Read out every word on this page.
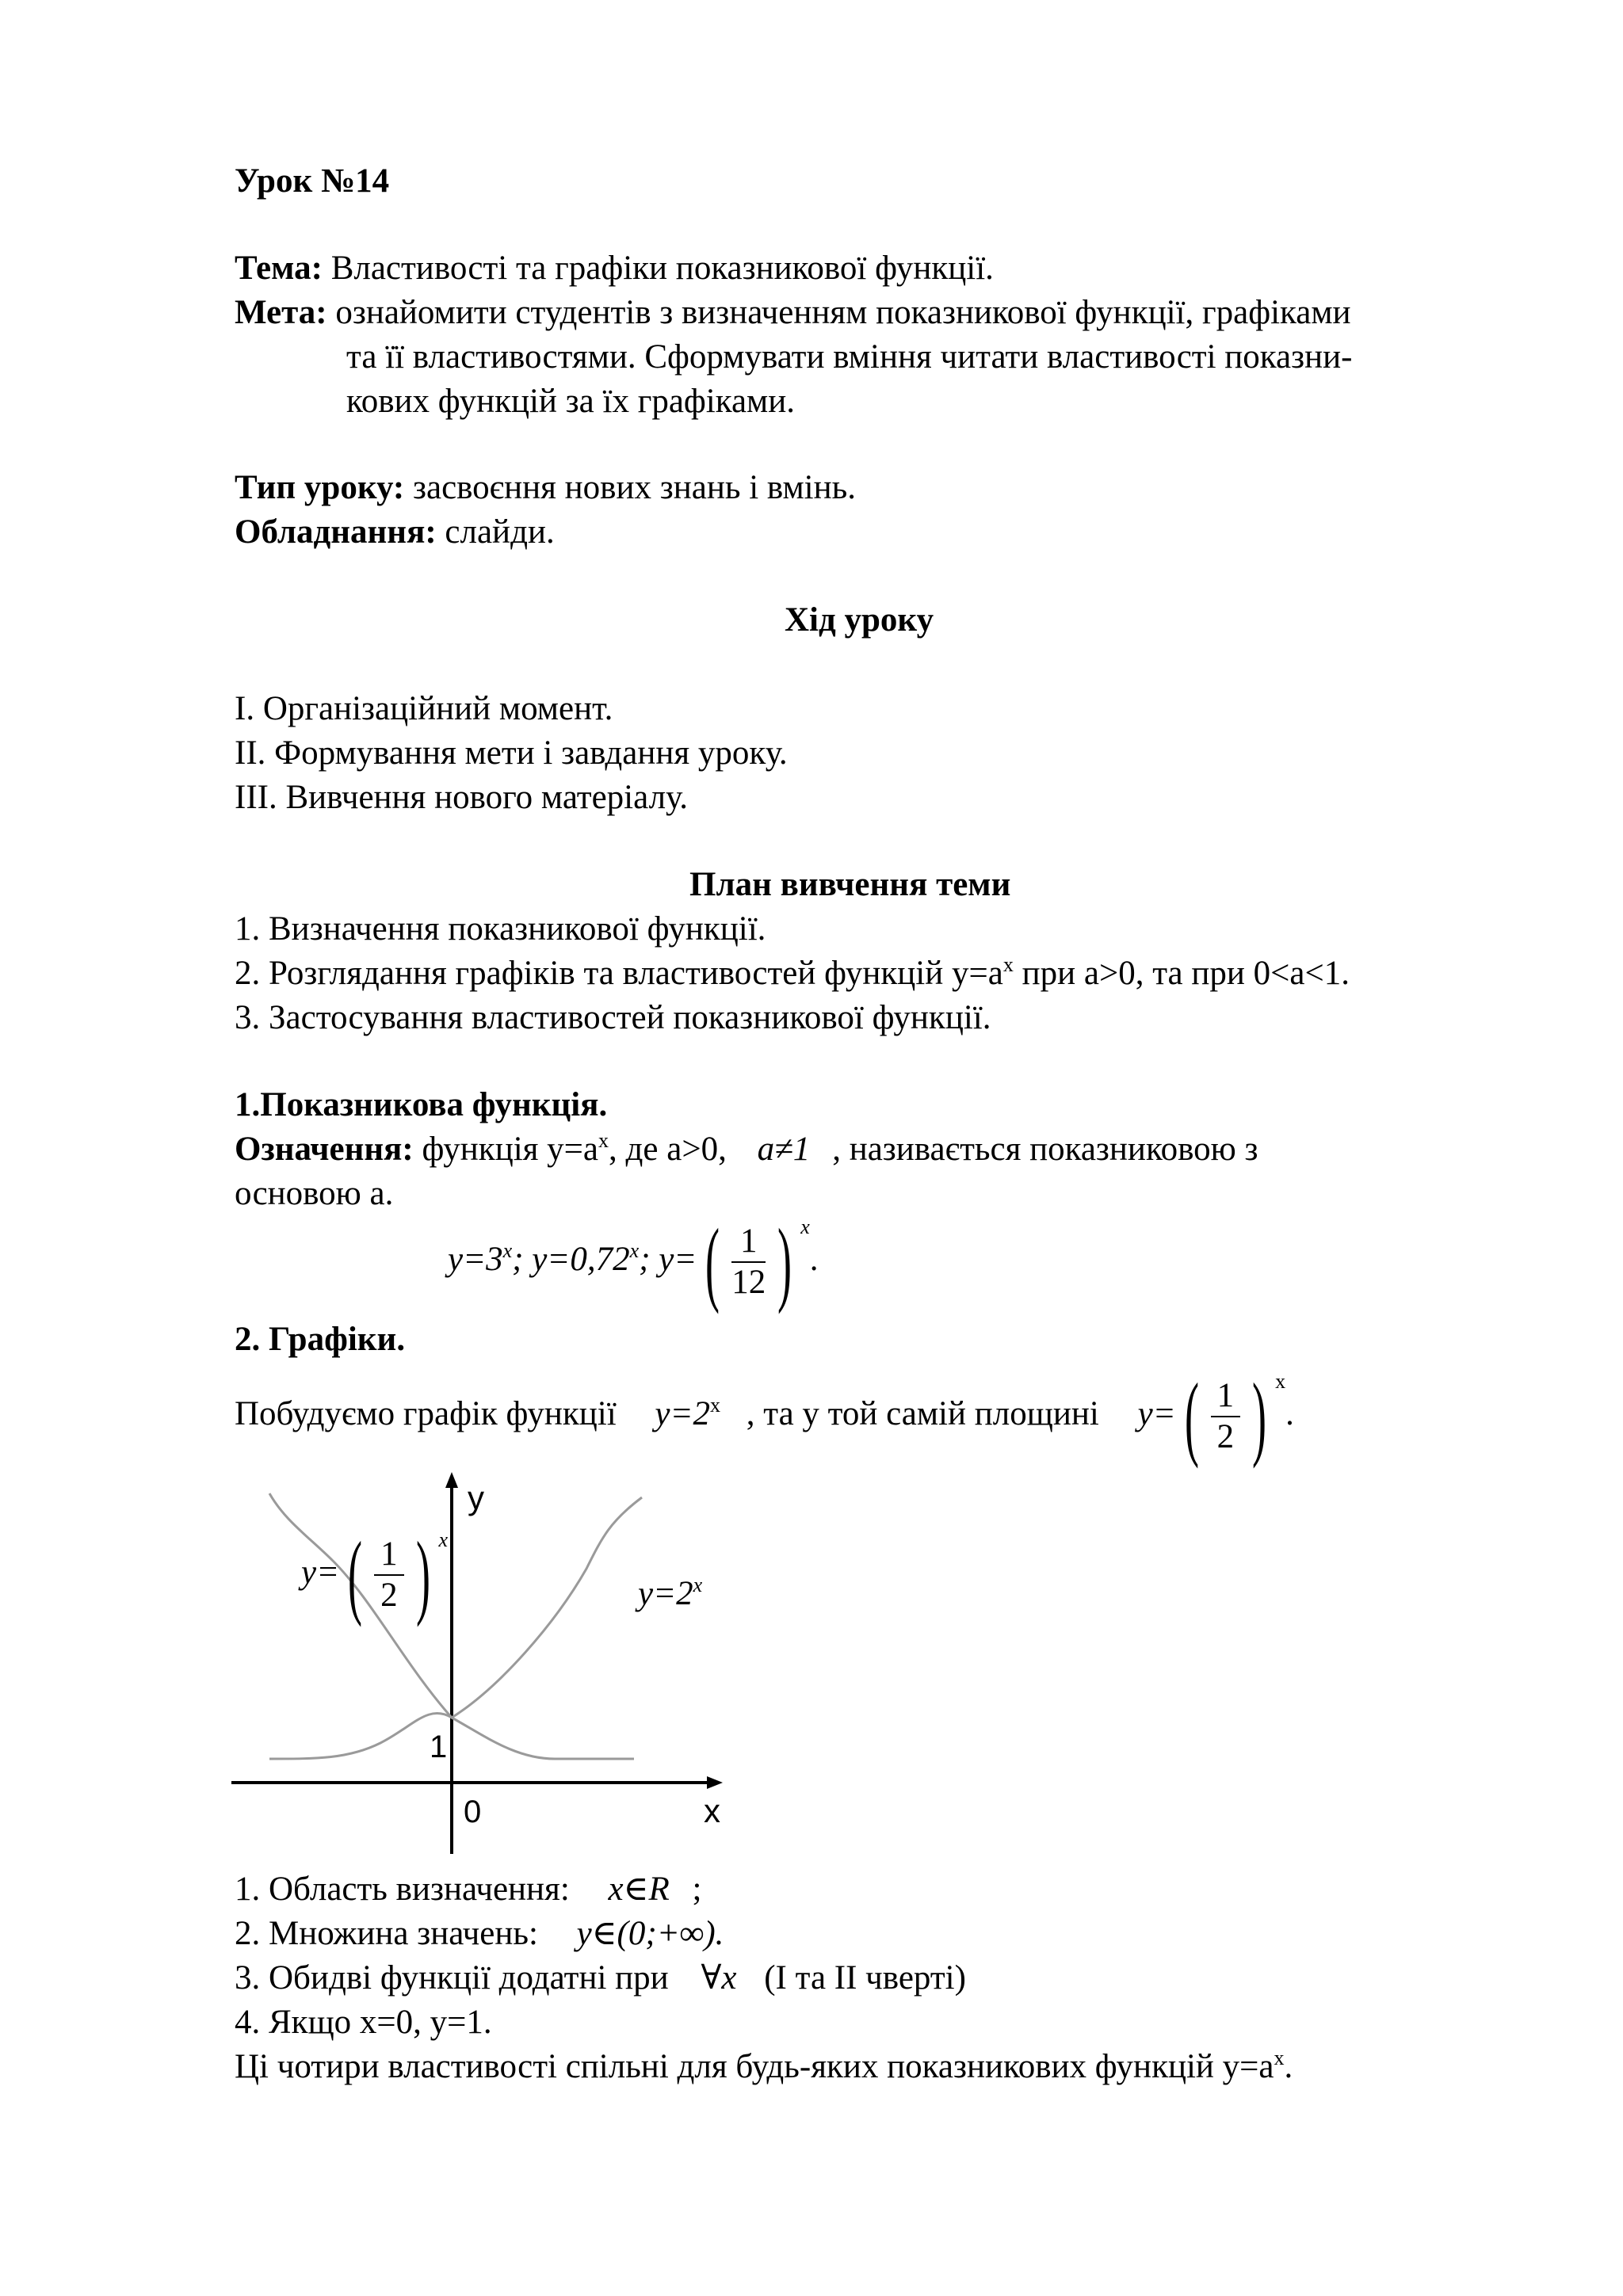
Урок №14
Тема: Властивості та графіки показникової функції.
Мета: ознайомити студентів з визначенням показникової функції, графіками
та її властивостями. Сформувати вміння читати властивості показни-
кових функцій за їх графіками.
Тип уроку: засвоєння нових знань і вмінь.
Обладнання: слайди.
Хід уроку
I. Організаційний момент.
II. Формування мети і завдання уроку.
III. Вивчення нового матеріалу.
План вивчення теми
1. Визначення показникової функції.
2. Розглядання графіків та властивостей функцій $y=a^x$ при a>0, та при 0<a<1.
3. Застосування властивостей показникової функції.
1.Показникова функція.
Означення: функція $y=a^x$, де a>0, a≠1 , називається показниковою з
основою a.
$y=3^x$; $y=0,72^x$; $y=( \frac{1}{12}$ ) $^x$.
2. Графіки.
Побудуємо графік функції $y=2^x$ , та у той самій площині $y=( \frac{1}{2}$ ) $^x$.
y
x
0
1
$y=( \frac{1}{2}$ ) $^x$
$y=2^x$
1. Область визначення: x∈R ;
2. Множина значень: y∈(0;+∞).
3. Обидві функції додатні при ∀x (I та II чверті)
4. Якщо x=0, y=1.
Ці чотири властивості спільні для будь-яких показникових функцій $y=a^x$.
